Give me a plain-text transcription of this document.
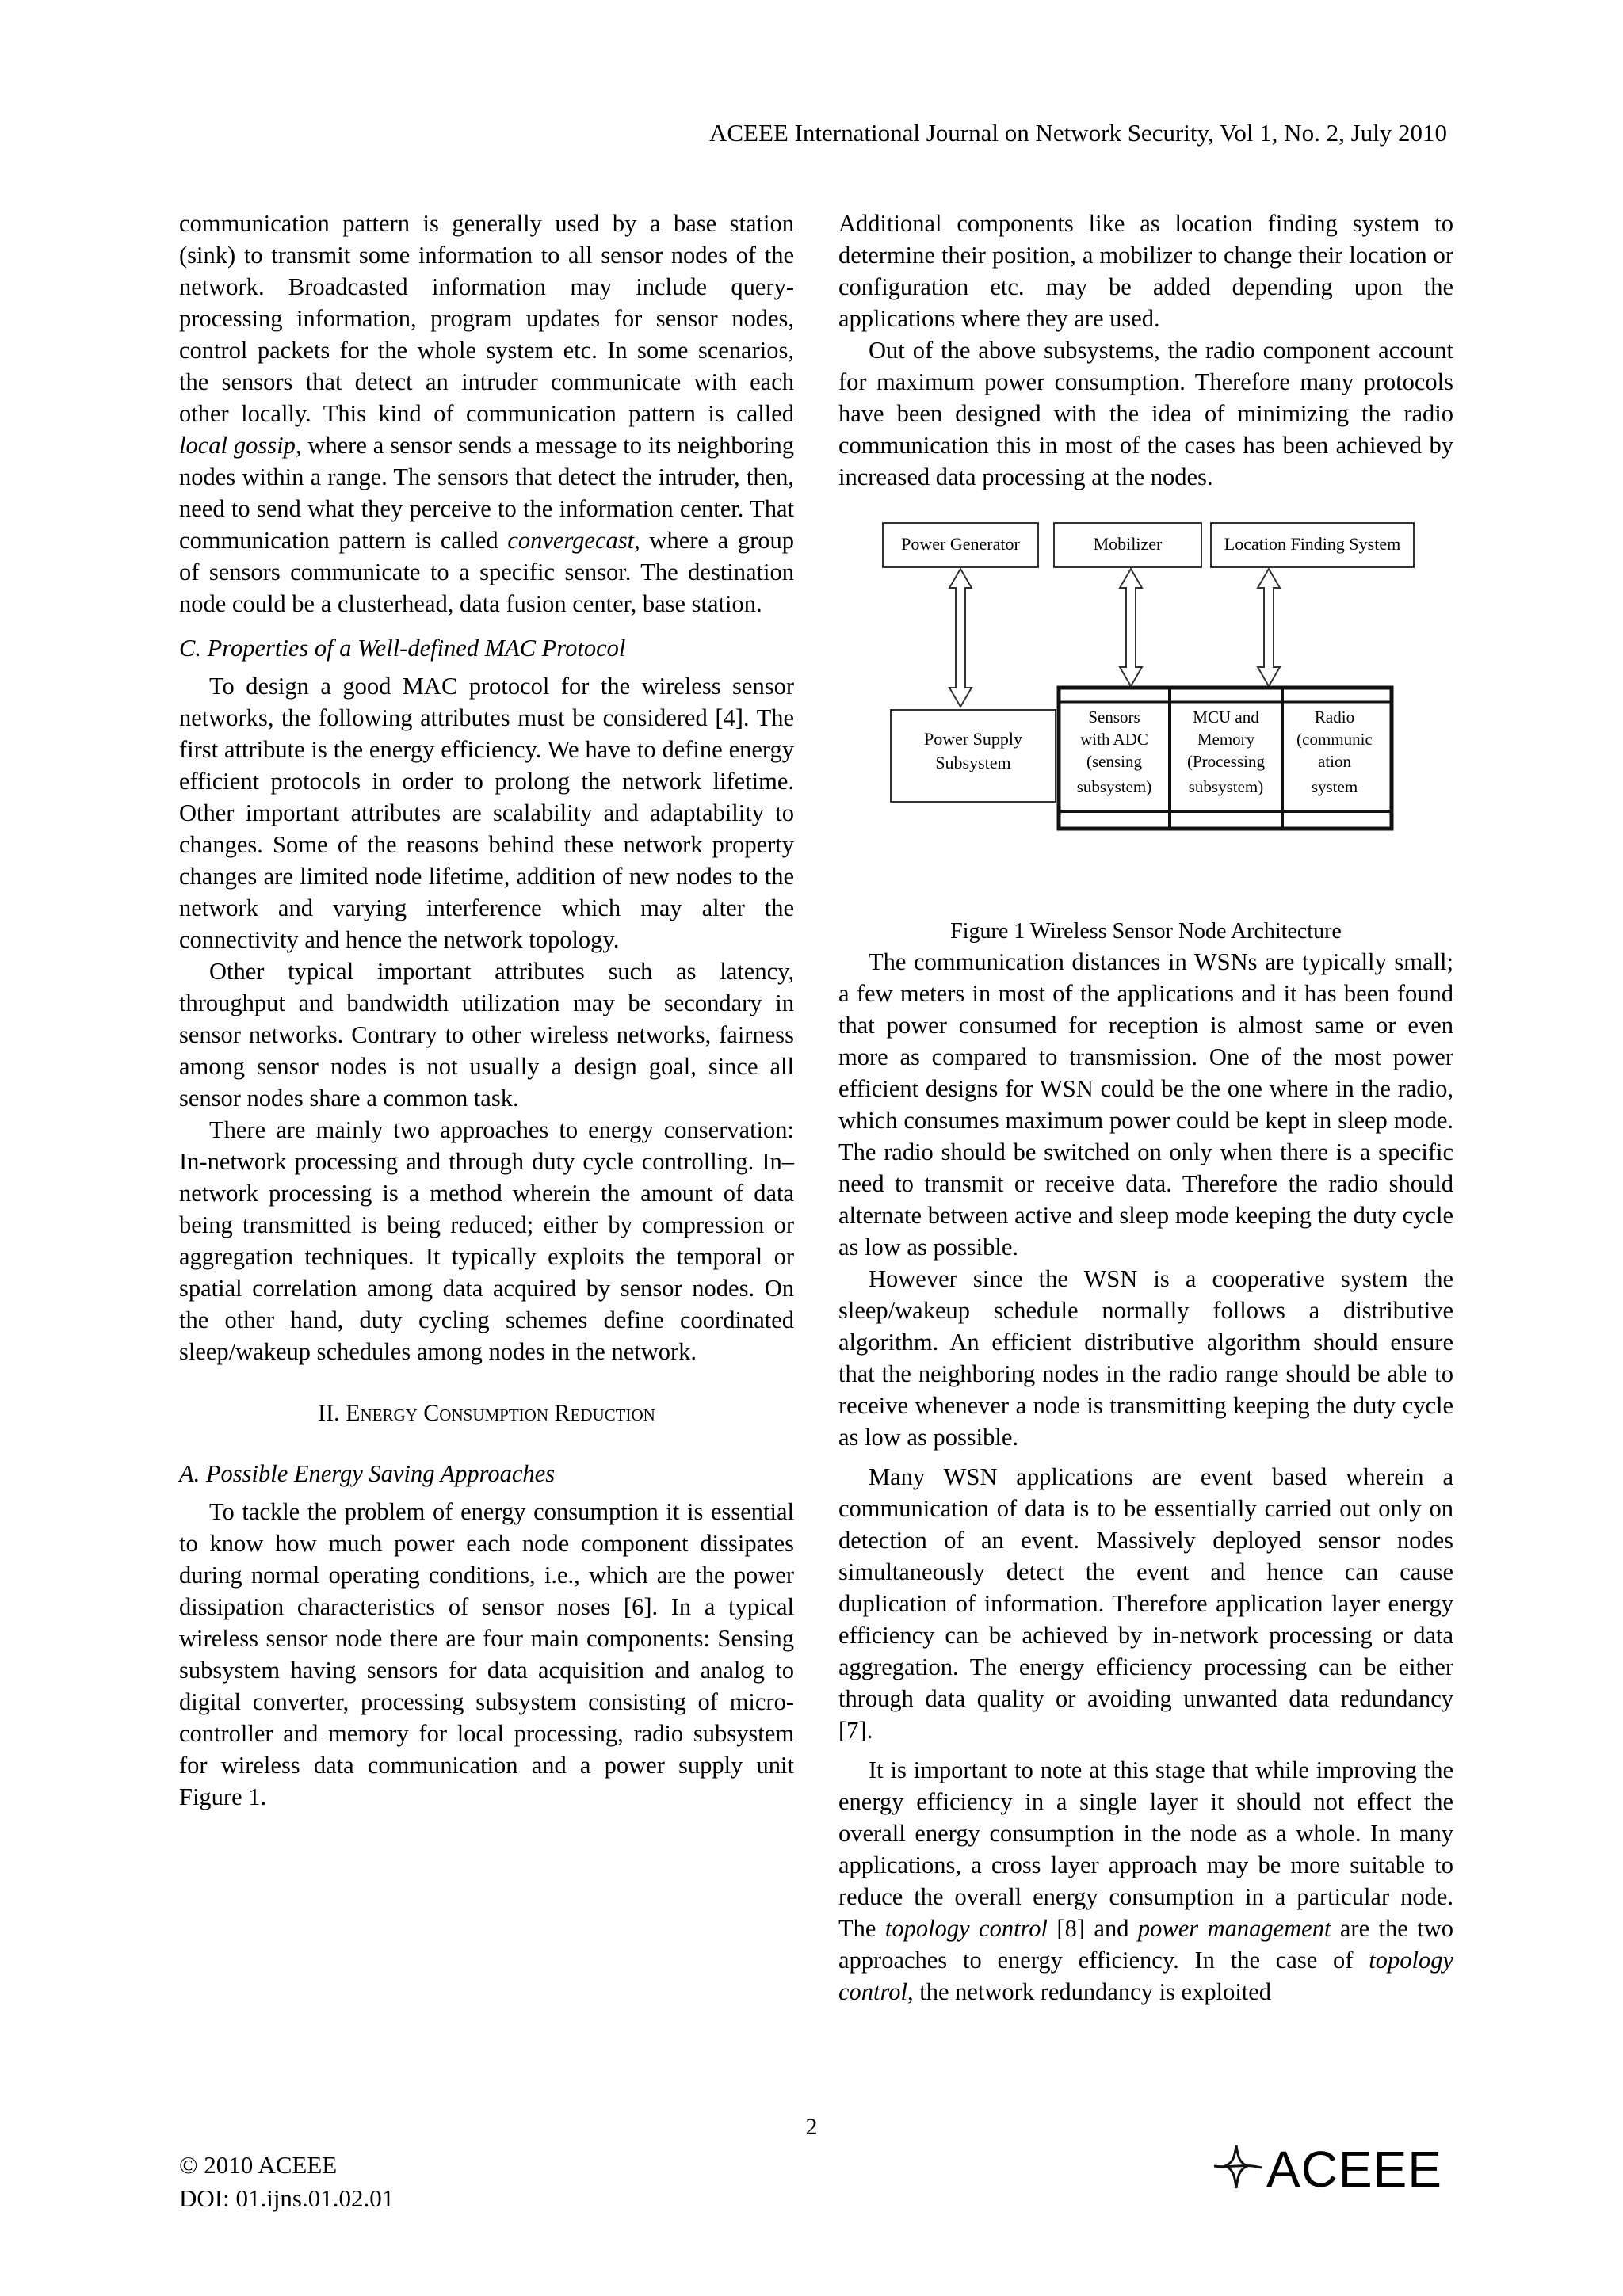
ACEEE International Journal on Network Security, Vol 1, No. 2, July 2010

communication pattern is generally used by a base station (sink) to transmit some information to all sensor nodes of the network. Broadcasted information may include query-processing information, program updates for sensor nodes, control packets for the whole system etc. In some scenarios, the sensors that detect an intruder communicate with each other locally. This kind of communication pattern is called local gossip, where a sensor sends a message to its neighboring nodes within a range. The sensors that detect the intruder, then, need to send what they perceive to the information center. That communication pattern is called convergecast, where a group of sensors communicate to a specific sensor. The destination node could be a clusterhead, data fusion center, base station.

C. Properties of a Well-defined MAC Protocol

To design a good MAC protocol for the wireless sensor networks, the following attributes must be considered [4]. The first attribute is the energy efficiency. We have to define energy efficient protocols in order to prolong the network lifetime. Other important attributes are scalability and adaptability to changes. Some of the reasons behind these network property changes are limited node lifetime, addition of new nodes to the network and varying interference which may alter the connectivity and hence the network topology.

Other typical important attributes such as latency, throughput and bandwidth utilization may be secondary in sensor networks. Contrary to other wireless networks, fairness among sensor nodes is not usually a design goal, since all sensor nodes share a common task.

There are mainly two approaches to energy conservation: In-network processing and through duty cycle controlling. In–network processing is a method wherein the amount of data being transmitted is being reduced; either by compression or aggregation techniques. It typically exploits the temporal or spatial correlation among data acquired by sensor nodes. On the other hand, duty cycling schemes define coordinated sleep/wakeup schedules among nodes in the network.

II. Energy Consumption Reduction
A. Possible Energy Saving Approaches

To tackle the problem of energy consumption it is essential to know how much power each node component dissipates during normal operating conditions, i.e., which are the power dissipation characteristics of sensor noses [6]. In a typical wireless sensor node there are four main components: Sensing subsystem having sensors for data acquisition and analog to digital converter, processing subsystem consisting of micro-controller and memory for local processing, radio subsystem for wireless data communication and a power supply unit Figure 1.

Additional components like as location finding system to determine their position, a mobilizer to change their location or configuration etc. may be added depending upon the applications where they are used.

Out of the above subsystems, the radio component account for maximum power consumption. Therefore many protocols have been designed with the idea of minimizing the radio communication this in most of the cases has been achieved by increased data processing at the nodes.

Power Generator	Mobilizer	Location Finding System
Power Supply
Subsystem
Sensors
with ADC
(sensing
subsystem)
MCU and
Memory
(Processing
subsystem)
Radio
(communic
ation
system
Figure 1 Wireless Sensor Node Architecture

The communication distances in WSNs are typically small; a few meters in most of the applications and it has been found that power consumed for reception is almost same or even more as compared to transmission. One of the most power efficient designs for WSN could be the one where in the radio, which consumes maximum power could be kept in sleep mode. The radio should be switched on only when there is a specific need to transmit or receive data. Therefore the radio should alternate between active and sleep mode keeping the duty cycle as low as possible.

However since the WSN is a cooperative system the sleep/wakeup schedule normally follows a distributive algorithm. An efficient distributive algorithm should ensure that the neighboring nodes in the radio range should be able to receive whenever a node is transmitting keeping the duty cycle as low as possible.

Many WSN applications are event based wherein a communication of data is to be essentially carried out only on detection of an event. Massively deployed sensor nodes simultaneously detect the event and hence can cause duplication of information. Therefore application layer energy efficiency can be achieved by in-network processing or data aggregation. The energy efficiency processing can be either through data quality or avoiding unwanted data redundancy [7].

It is important to note at this stage that while improving the energy efficiency in a single layer it should not effect the overall energy consumption in the node as a whole. In many applications, a cross layer approach may be more suitable to reduce the overall energy consumption in a particular node. The topology control [8] and power management are the two approaches to energy efficiency. In the case of topology control, the network redundancy is exploited

2
© 2010 ACEEE
DOI: 01.ijns.01.02.01
ACEEE
